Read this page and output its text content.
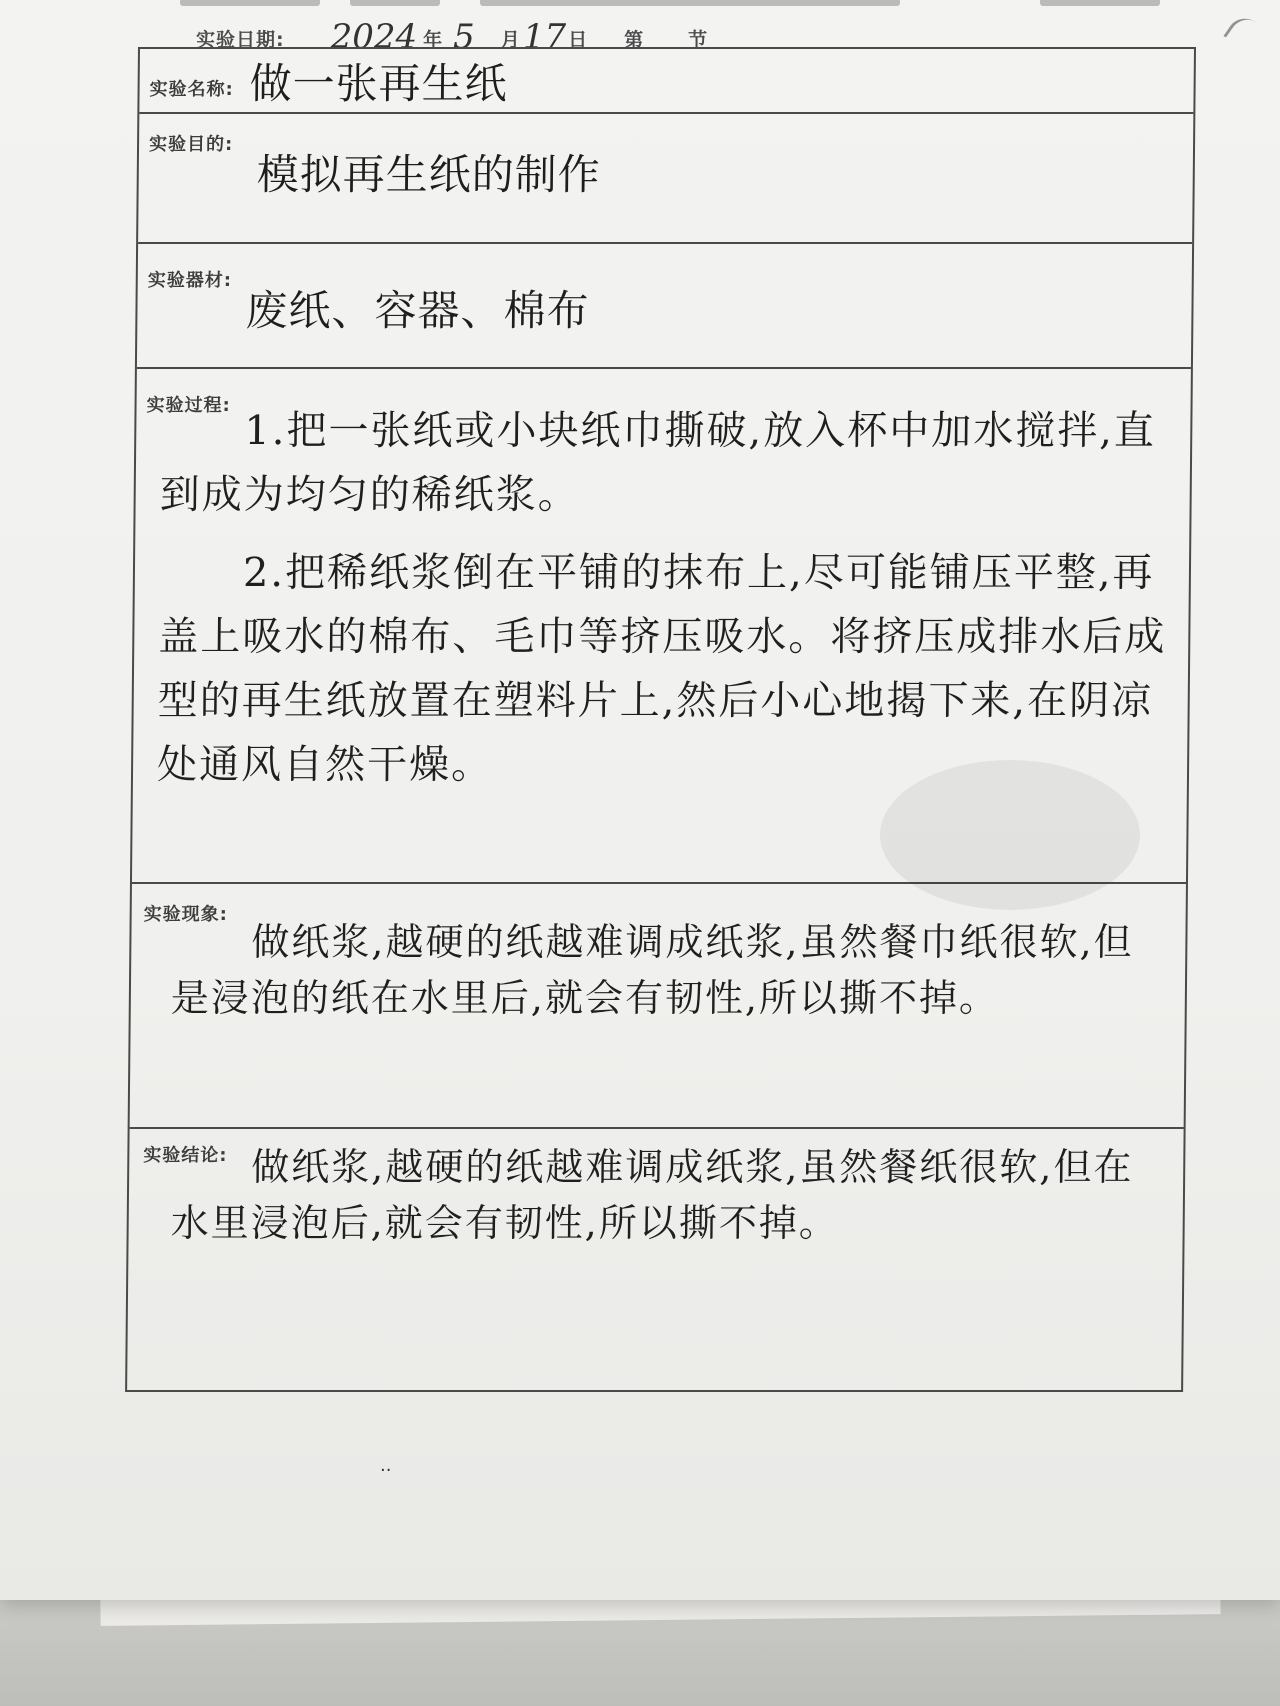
实验日期: 2024 年 5 月 17 日 第 节
实验名称: 做一张再生纸
实验目的:
模拟再生纸的制作
实验器材:
废纸、容器、棉布
实验过程:

1.把一张纸或小块纸巾撕破,放入杯中加水搅拌,直到成为均匀的稀纸浆。

2.把稀纸浆倒在平铺的抹布上,尽可能铺压平整,再盖上吸水的棉布、毛巾等挤压吸水。将挤压成排水后成型的再生纸放置在塑料片上,然后小心地揭下来,在阴凉处通风自然干燥。

实验现象:

做纸浆,越硬的纸越难调成纸浆,虽然餐巾纸很软,但是浸泡的纸在水里后,就会有韧性,所以撕不掉。

实验结论: 做纸浆,越硬的纸越难调成纸浆,虽然餐纸很软,但在水里浸泡后,就会有韧性,所以撕不掉。

··
